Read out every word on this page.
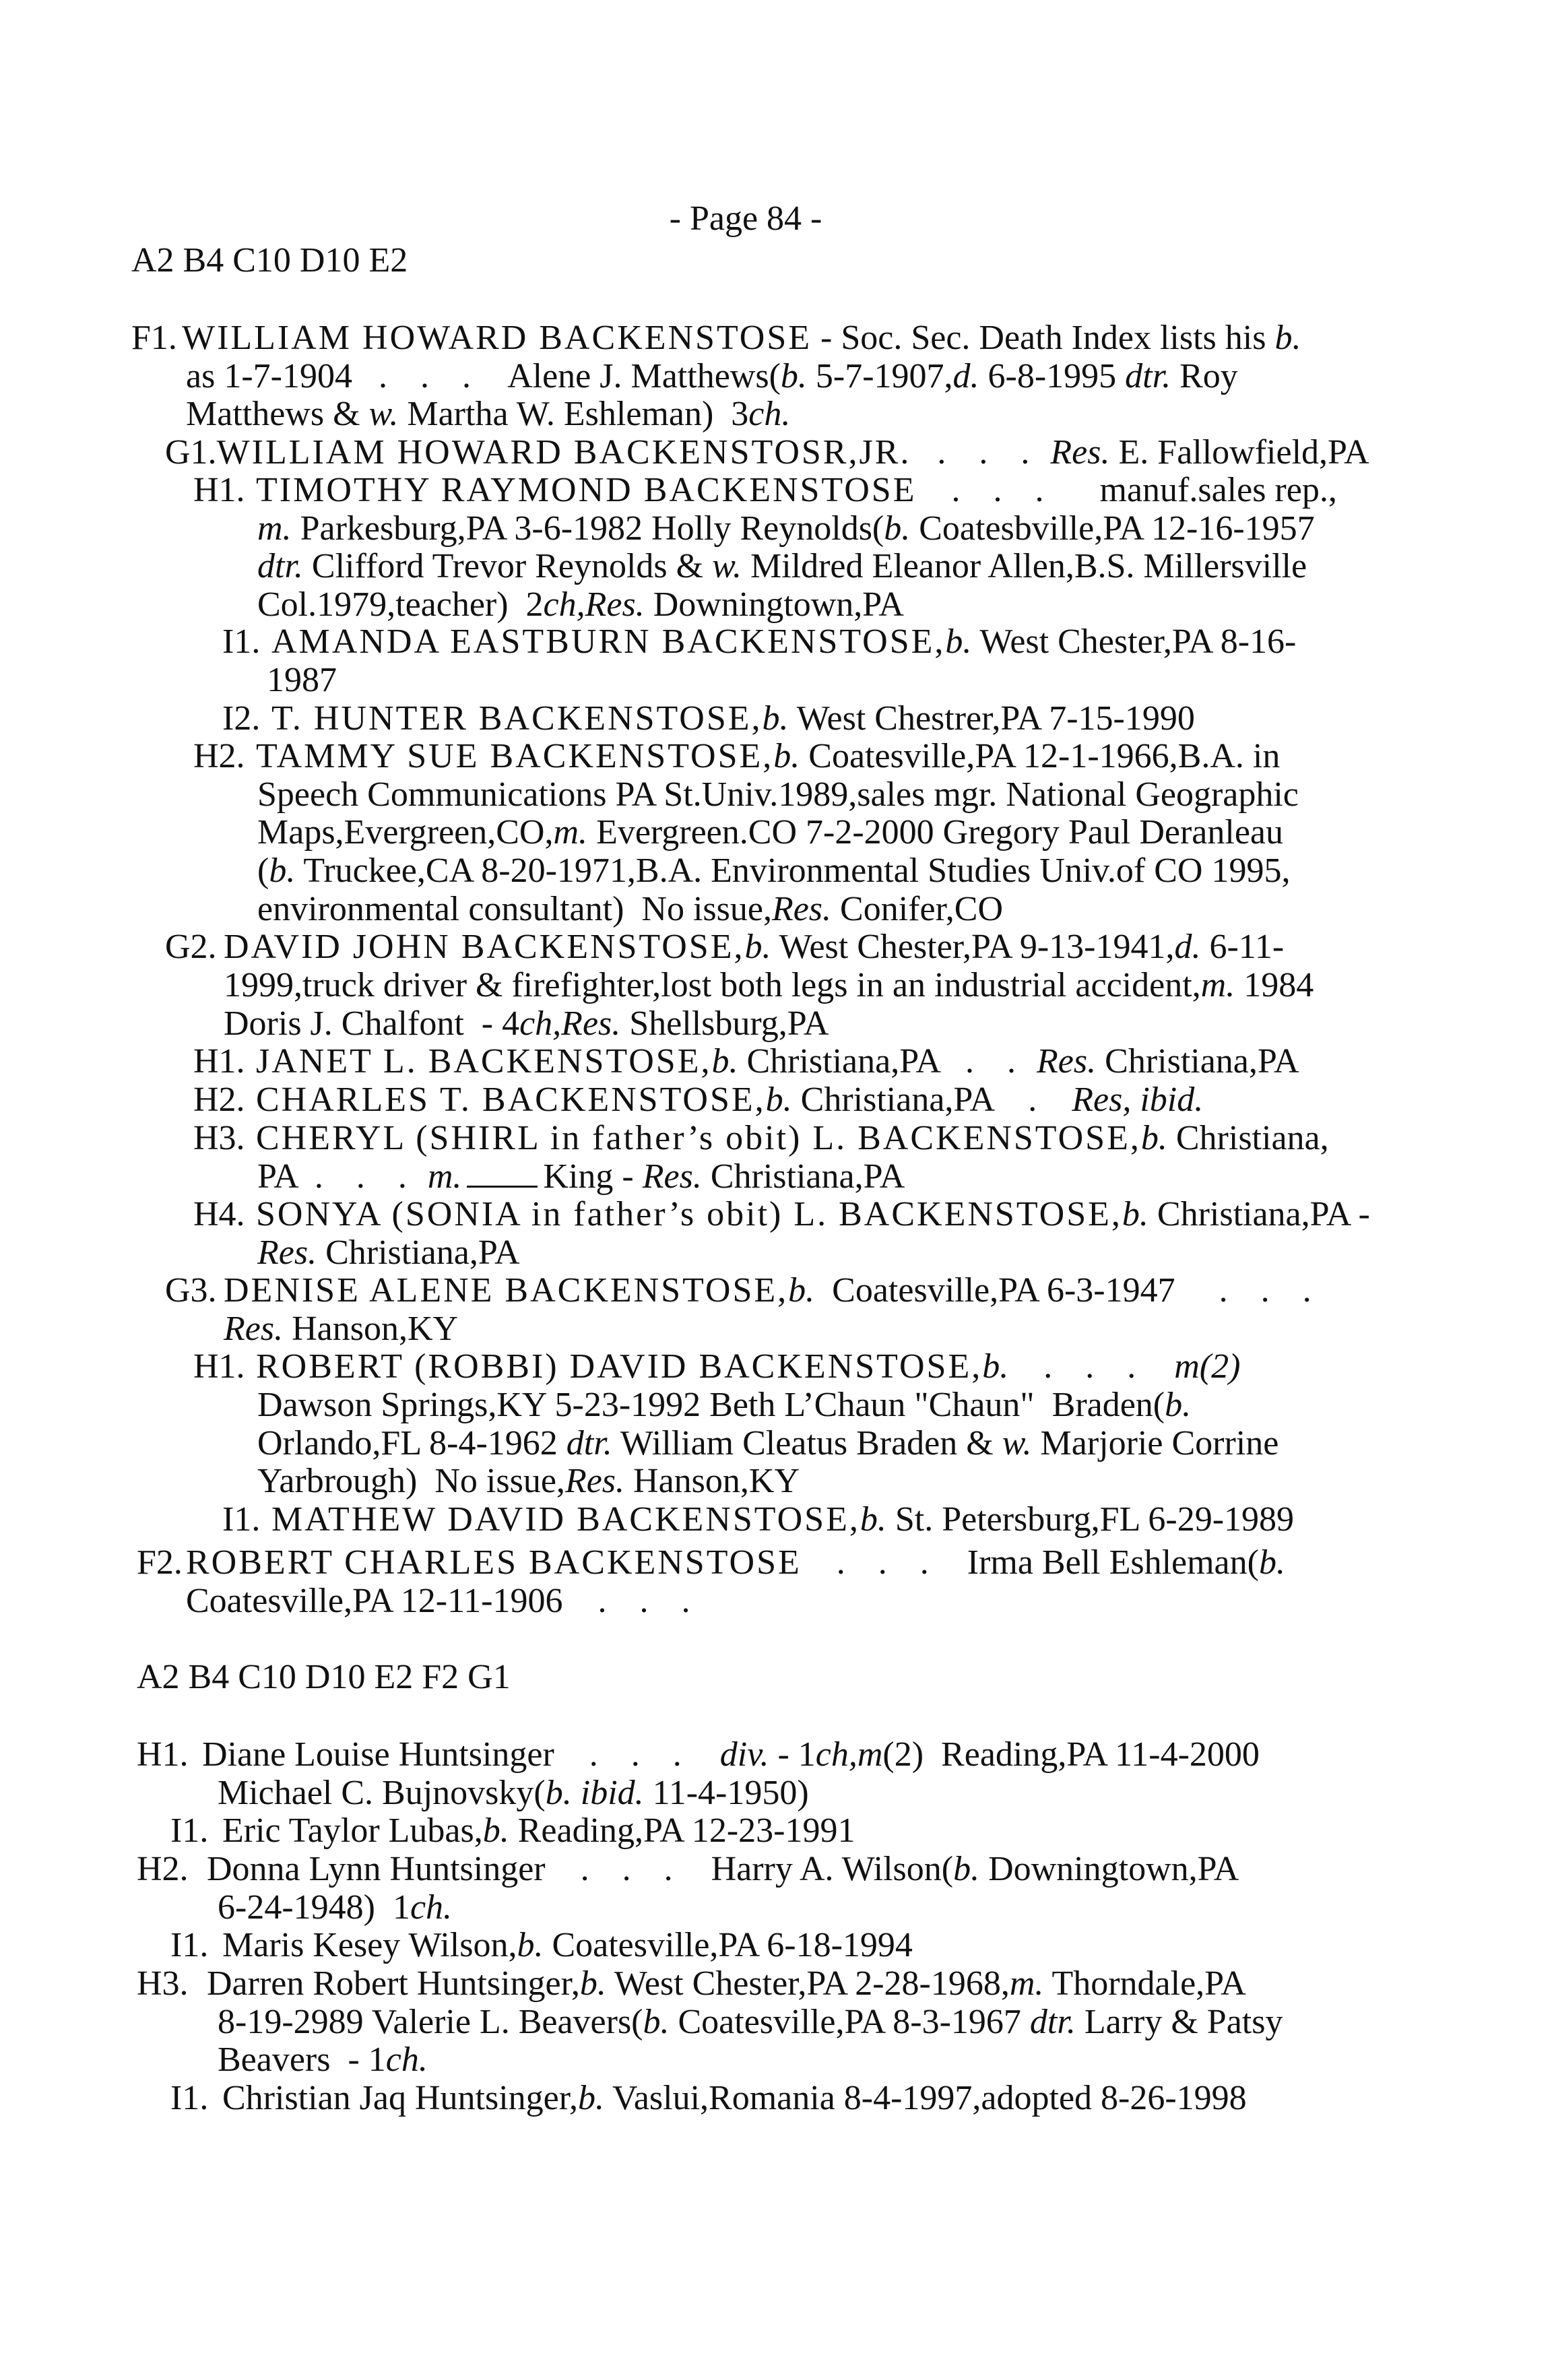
- Page 84 -
A2 B4 C10 D10 E2
F1. WILLIAM HOWARD BACKENSTOSE - Soc. Sec. Death Index lists his b.
as 1-7-1904 . . . Alene J. Matthews(b. 5-7-1907,d. 6-8-1995 dtr. Roy
Matthews & w. Martha W. Eshleman)  3ch.
G1.WILLIAM HOWARD BACKENSTOSR,JR. . . . Res. E. Fallowfield,PA
H1. TIMOTHY RAYMOND BACKENSTOSE . . . manuf.sales rep.,
m. Parkesburg,PA 3-6-1982 Holly Reynolds(b. Coatesbville,PA 12-16-1957
dtr. Clifford Trevor Reynolds & w. Mildred Eleanor Allen,B.S. Millersville
Col.1979,teacher)  2ch,Res. Downingtown,PA
I1. AMANDA EASTBURN BACKENSTOSE,b. West Chester,PA 8-16-
1987
I2. T. HUNTER BACKENSTOSE,b. West Chestrer,PA 7-15-1990
H2. TAMMY SUE BACKENSTOSE,b. Coatesville,PA 12-1-1966,B.A. in
Speech Communications PA St.Univ.1989,sales mgr. National Geographic
Maps,Evergreen,CO,m. Evergreen.CO 7-2-2000 Gregory Paul Deranleau
(b. Truckee,CA 8-20-1971,B.A. Environmental Studies Univ.of CO 1995,
environmental consultant)  No issue,Res. Conifer,CO
G2. DAVID JOHN BACKENSTOSE,b. West Chester,PA 9-13-1941,d. 6-11-
1999,truck driver & firefighter,lost both legs in an industrial accident,m. 1984
Doris J. Chalfont  - 4ch,Res. Shellsburg,PA
H1. JANET L. BACKENSTOSE,b. Christiana,PA . . Res. Christiana,PA
H2. CHARLES T. BACKENSTOSE,b. Christiana,PA . Res, ibid.
H3. CHERYL (SHIRL in father’s obit) L. BACKENSTOSE,b. Christiana,
PA . . . m. King - Res. Christiana,PA
H4. SONYA (SONIA in father’s obit) L. BACKENSTOSE,b. Christiana,PA -
Res. Christiana,PA
G3. DENISE ALENE BACKENSTOSE,b.  Coatesville,PA 6-3-1947 . . .
Res. Hanson,KY
H1. ROBERT (ROBBI) DAVID BACKENSTOSE,b. . . . m(2)
Dawson Springs,KY 5-23-1992 Beth L’Chaun "Chaun"  Braden(b.
Orlando,FL 8-4-1962 dtr. William Cleatus Braden & w. Marjorie Corrine
Yarbrough)  No issue,Res. Hanson,KY
I1. MATHEW DAVID BACKENSTOSE,b. St. Petersburg,FL 6-29-1989
F2. ROBERT CHARLES BACKENSTOSE . . . Irma Bell Eshleman(b.
Coatesville,PA 12-11-1906 . . .
A2 B4 C10 D10 E2 F2 G1
H1. Diane Louise Huntsinger . . . div. - 1ch,m(2)  Reading,PA 11-4-2000
Michael C. Bujnovsky(b. ibid. 11-4-1950)
I1. Eric Taylor Lubas,b. Reading,PA 12-23-1991
H2. Donna Lynn Huntsinger . . . Harry A. Wilson(b. Downingtown,PA
6-24-1948)  1ch.
I1. Maris Kesey Wilson,b. Coatesville,PA 6-18-1994
H3. Darren Robert Huntsinger,b. West Chester,PA 2-28-1968,m. Thorndale,PA
8-19-2989 Valerie L. Beavers(b. Coatesville,PA 8-3-1967 dtr. Larry & Patsy
Beavers  - 1ch.
I1. Christian Jaq Huntsinger,b. Vaslui,Romania 8-4-1997,adopted 8-26-1998
